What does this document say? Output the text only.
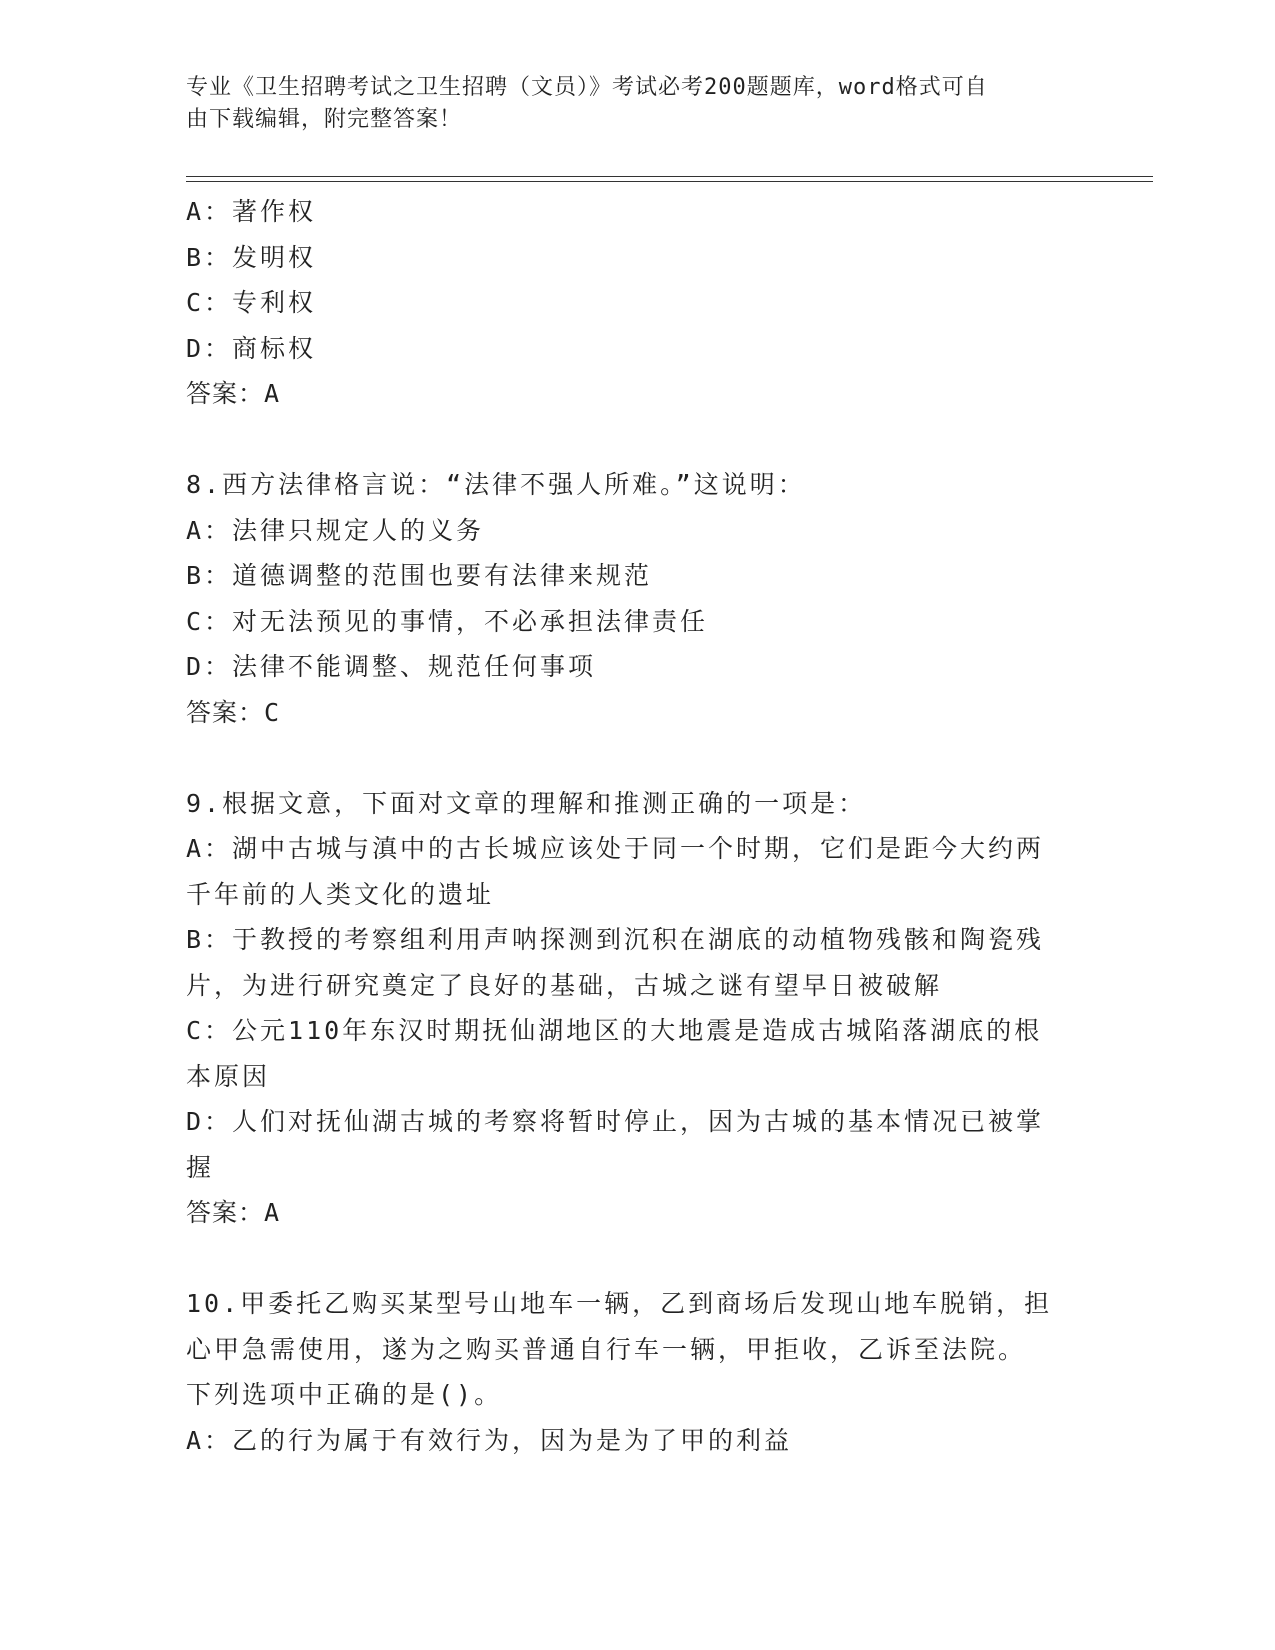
专业《卫生招聘考试之卫生招聘（文员）》考试必考200题题库，word格式可自
由下载编辑，附完整答案！
A：著作权
B：发明权
C：专利权
D：商标权
答案：A
8.西方法律格言说：“法律不强人所难。”这说明：
A：法律只规定人的义务
B：道德调整的范围也要有法律来规范
C：对无法预见的事情，不必承担法律责任
D：法律不能调整、规范任何事项
答案：C
9.根据文意，下面对文章的理解和推测正确的一项是：
A：湖中古城与滇中的古长城应该处于同一个时期，它们是距今大约两
千年前的人类文化的遗址
B：于教授的考察组利用声呐探测到沉积在湖底的动植物残骸和陶瓷残
片，为进行研究奠定了良好的基础，古城之谜有望早日被破解
C：公元110年东汉时期抚仙湖地区的大地震是造成古城陷落湖底的根
本原因
D：人们对抚仙湖古城的考察将暂时停止，因为古城的基本情况已被掌
握
答案：A
10.甲委托乙购买某型号山地车一辆，乙到商场后发现山地车脱销，担
心甲急需使用，遂为之购买普通自行车一辆，甲拒收，乙诉至法院。
下列选项中正确的是()。
A：乙的行为属于有效行为，因为是为了甲的利益
